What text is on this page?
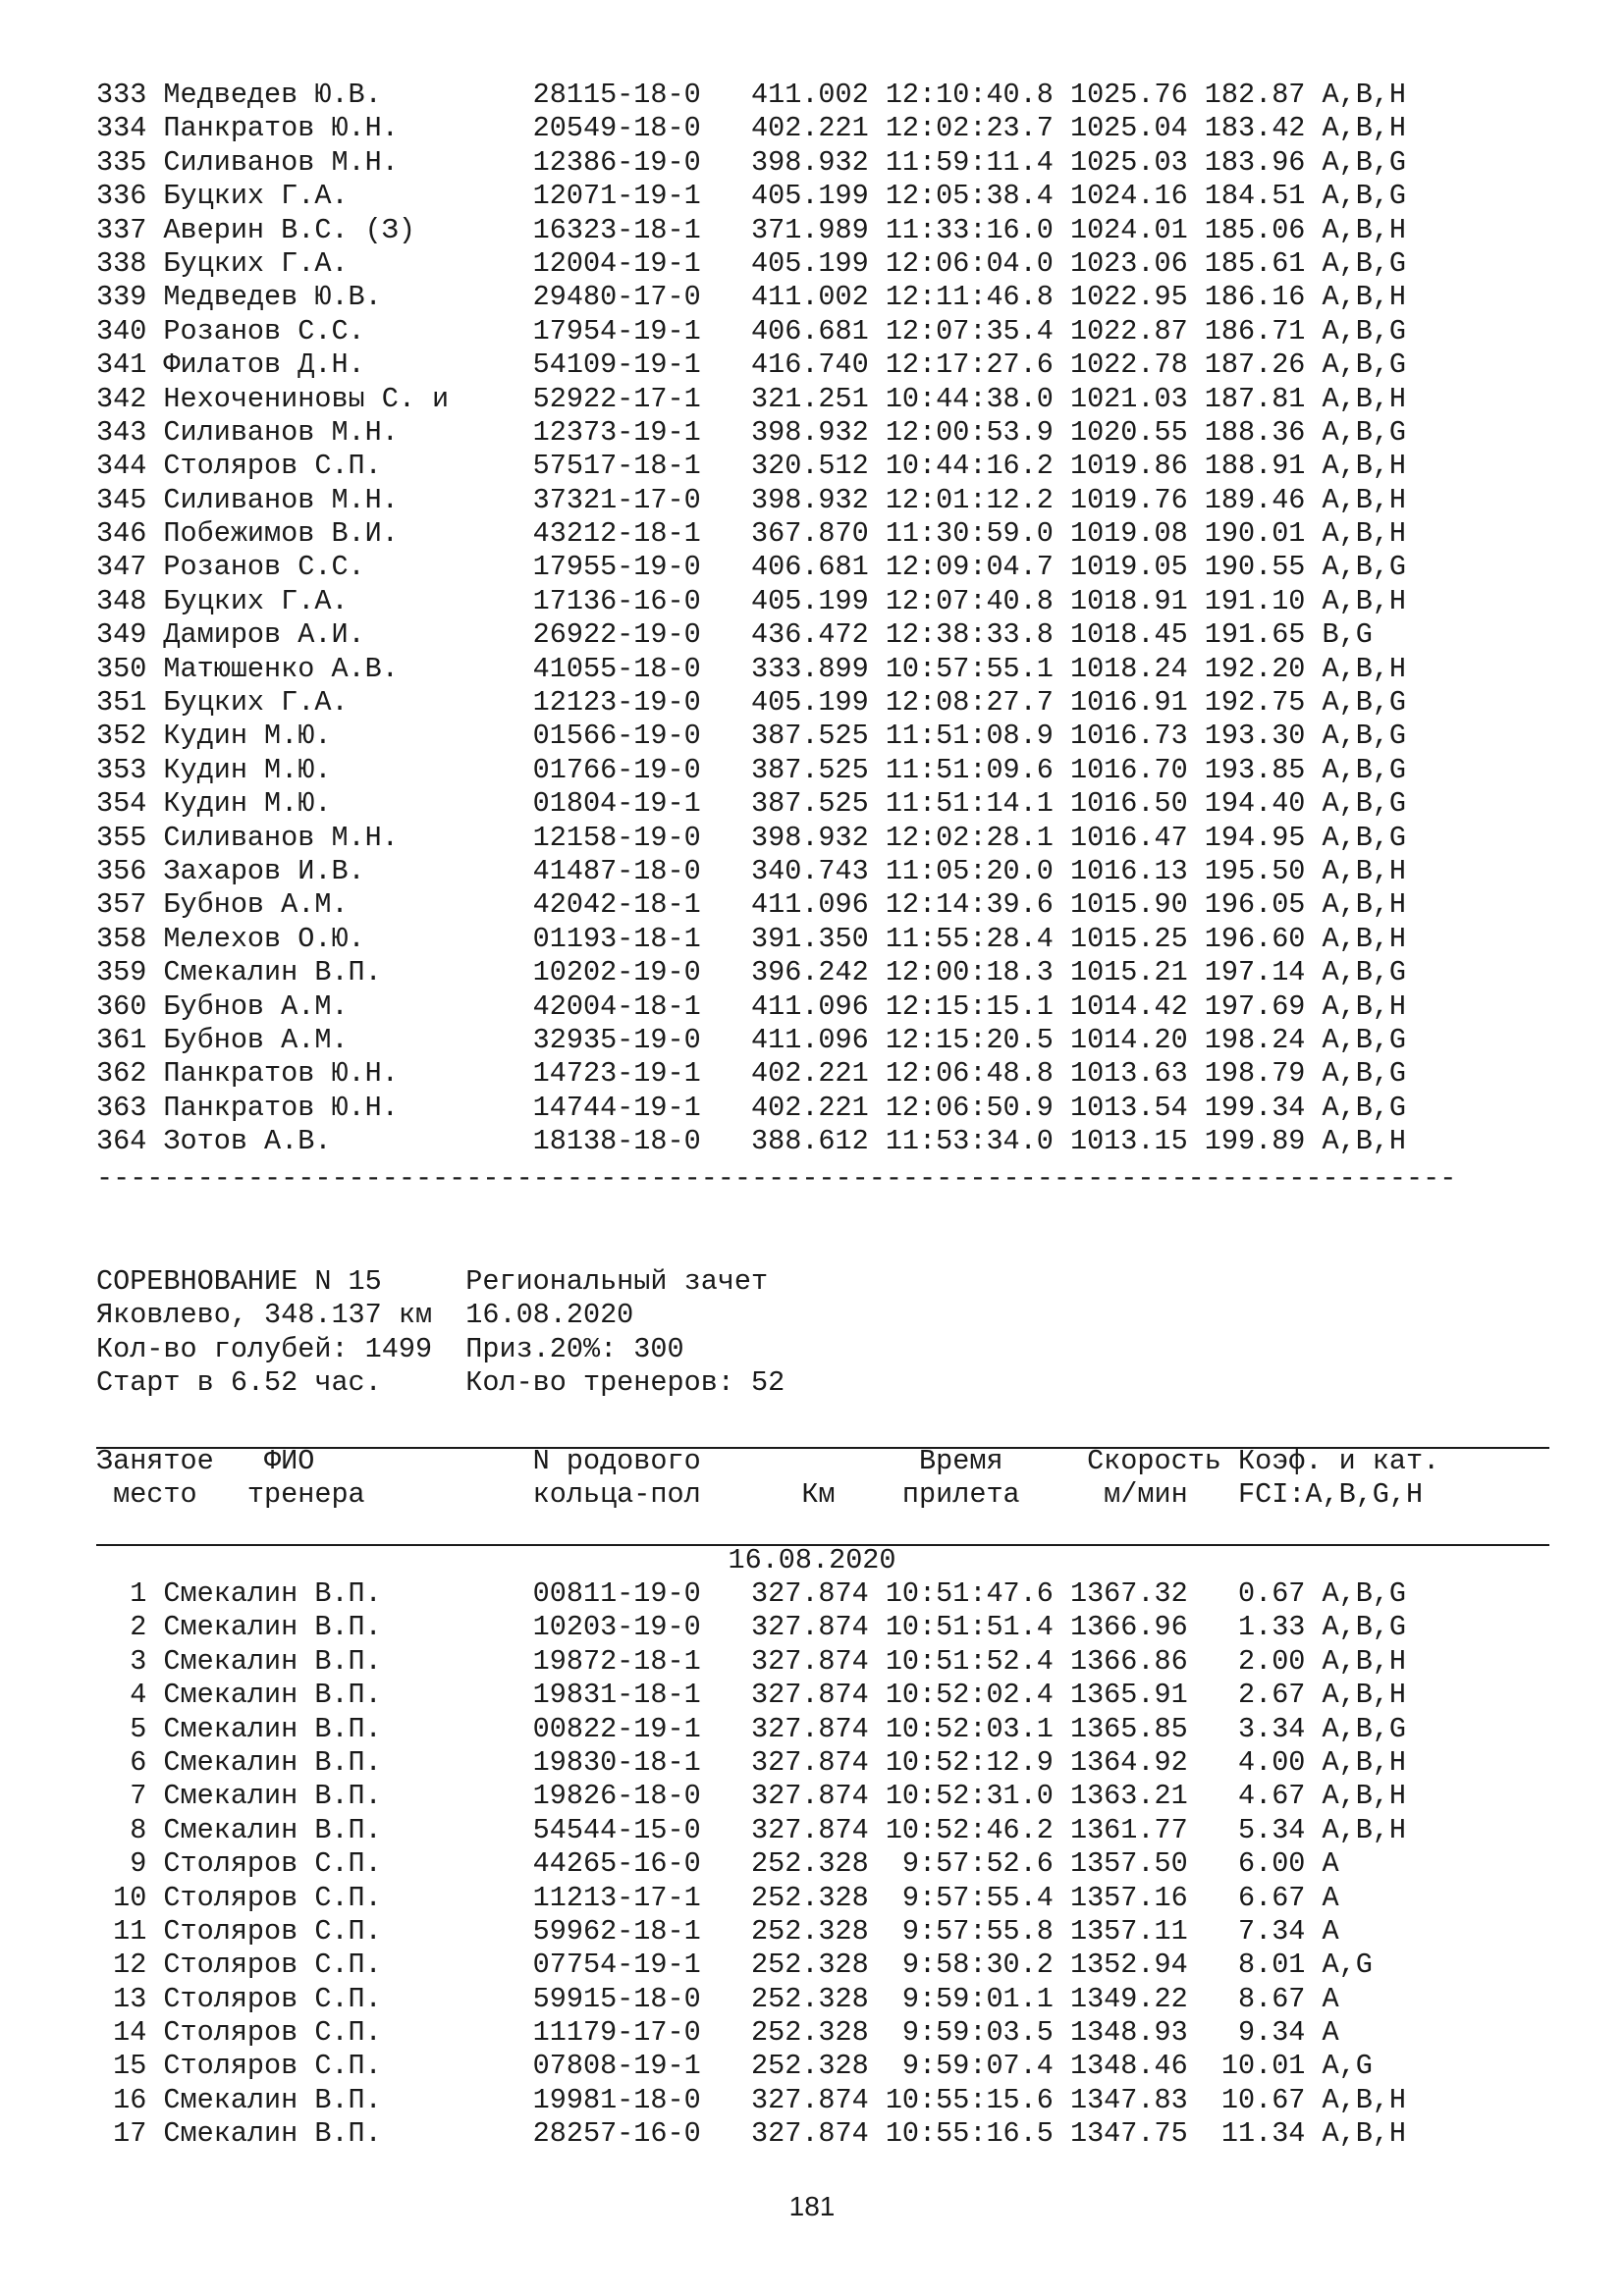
333 Медведев Ю.В.         28115-18-0   411.002 12:10:40.8 1025.76 182.87 A,B,H
334 Панкратов Ю.Н.        20549-18-0   402.221 12:02:23.7 1025.04 183.42 A,B,H
335 Силиванов М.Н.        12386-19-0   398.932 11:59:11.4 1025.03 183.96 A,B,G
336 Буцких Г.А.           12071-19-1   405.199 12:05:38.4 1024.16 184.51 A,B,G
337 Аверин В.С. (З)       16323-18-1   371.989 11:33:16.0 1024.01 185.06 A,B,H
338 Буцких Г.А.           12004-19-1   405.199 12:06:04.0 1023.06 185.61 A,B,G
339 Медведев Ю.В.         29480-17-0   411.002 12:11:46.8 1022.95 186.16 A,B,H
340 Розанов С.С.          17954-19-1   406.681 12:07:35.4 1022.87 186.71 A,B,G
341 Филатов Д.Н.          54109-19-1   416.740 12:17:27.6 1022.78 187.26 A,B,G
342 Нехочениновы С. и     52922-17-1   321.251 10:44:38.0 1021.03 187.81 A,B,H
343 Силиванов М.Н.        12373-19-1   398.932 12:00:53.9 1020.55 188.36 A,B,G
344 Столяров С.П.         57517-18-1   320.512 10:44:16.2 1019.86 188.91 A,B,H
345 Силиванов М.Н.        37321-17-0   398.932 12:01:12.2 1019.76 189.46 A,B,H
346 Побежимов В.И.        43212-18-1   367.870 11:30:59.0 1019.08 190.01 A,B,H
347 Розанов С.С.          17955-19-0   406.681 12:09:04.7 1019.05 190.55 A,B,G
348 Буцких Г.А.           17136-16-0   405.199 12:07:40.8 1018.91 191.10 A,B,H
349 Дамиров А.И.          26922-19-0   436.472 12:38:33.8 1018.45 191.65 B,G
350 Матюшенко А.В.        41055-18-0   333.899 10:57:55.1 1018.24 192.20 A,B,H
351 Буцких Г.А.           12123-19-0   405.199 12:08:27.7 1016.91 192.75 A,B,G
352 Кудин М.Ю.            01566-19-0   387.525 11:51:08.9 1016.73 193.30 A,B,G
353 Кудин М.Ю.            01766-19-0   387.525 11:51:09.6 1016.70 193.85 A,B,G
354 Кудин М.Ю.            01804-19-1   387.525 11:51:14.1 1016.50 194.40 A,B,G
355 Силиванов М.Н.        12158-19-0   398.932 12:02:28.1 1016.47 194.95 A,B,G
356 Захаров И.В.          41487-18-0   340.743 11:05:20.0 1016.13 195.50 A,B,H
357 Бубнов А.М.           42042-18-1   411.096 12:14:39.6 1015.90 196.05 A,B,H
358 Мелехов О.Ю.          01193-18-1   391.350 11:55:28.4 1015.25 196.60 A,B,H
359 Смекалин В.П.         10202-19-0   396.242 12:00:18.3 1015.21 197.14 A,B,G
360 Бубнов А.М.           42004-18-1   411.096 12:15:15.1 1014.42 197.69 A,B,H
361 Бубнов А.М.           32935-19-0   411.096 12:15:20.5 1014.20 198.24 A,B,G
362 Панкратов Ю.Н.        14723-19-1   402.221 12:06:48.8 1013.63 198.79 A,B,G
363 Панкратов Ю.Н.        14744-19-1   402.221 12:06:50.9 1013.54 199.34 A,B,G
364 Зотов А.В.            18138-18-0   388.612 11:53:34.0 1013.15 199.89 A,B,H
---------------------------------------------------------------------------------
СОРЕВНОВАНИЕ N 15     Региональный зачет
Яковлево, 348.137 км  16.08.2020
Кол-во голубей: 1499  Приз.20%: 300
Старт в 6.52 час.     Кол-во тренеров: 52
Занятое   ФИО             N родового             Время     Скорость Коэф. и кат.
место   тренера          кольца-пол      Км    прилета     м/мин   FCI:A,B,G,H
16.08.2020
1 Смекалин В.П.         00811-19-0   327.874 10:51:47.6 1367.32   0.67 A,B,G
2 Смекалин В.П.         10203-19-0   327.874 10:51:51.4 1366.96   1.33 A,B,G
3 Смекалин В.П.         19872-18-1   327.874 10:51:52.4 1366.86   2.00 A,B,H
4 Смекалин В.П.         19831-18-1   327.874 10:52:02.4 1365.91   2.67 A,B,H
5 Смекалин В.П.         00822-19-1   327.874 10:52:03.1 1365.85   3.34 A,B,G
6 Смекалин В.П.         19830-18-1   327.874 10:52:12.9 1364.92   4.00 A,B,H
7 Смекалин В.П.         19826-18-0   327.874 10:52:31.0 1363.21   4.67 A,B,H
8 Смекалин В.П.         54544-15-0   327.874 10:52:46.2 1361.77   5.34 A,B,H
9 Столяров С.П.         44265-16-0   252.328  9:57:52.6 1357.50   6.00 A
10 Столяров С.П.         11213-17-1   252.328  9:57:55.4 1357.16   6.67 A
11 Столяров С.П.         59962-18-1   252.328  9:57:55.8 1357.11   7.34 A
12 Столяров С.П.         07754-19-1   252.328  9:58:30.2 1352.94   8.01 A,G
13 Столяров С.П.         59915-18-0   252.328  9:59:01.1 1349.22   8.67 A
14 Столяров С.П.         11179-17-0   252.328  9:59:03.5 1348.93   9.34 A
15 Столяров С.П.         07808-19-1   252.328  9:59:07.4 1348.46  10.01 A,G
16 Смекалин В.П.         19981-18-0   327.874 10:55:15.6 1347.83  10.67 A,B,H
17 Смекалин В.П.         28257-16-0   327.874 10:55:16.5 1347.75  11.34 A,B,H
181
